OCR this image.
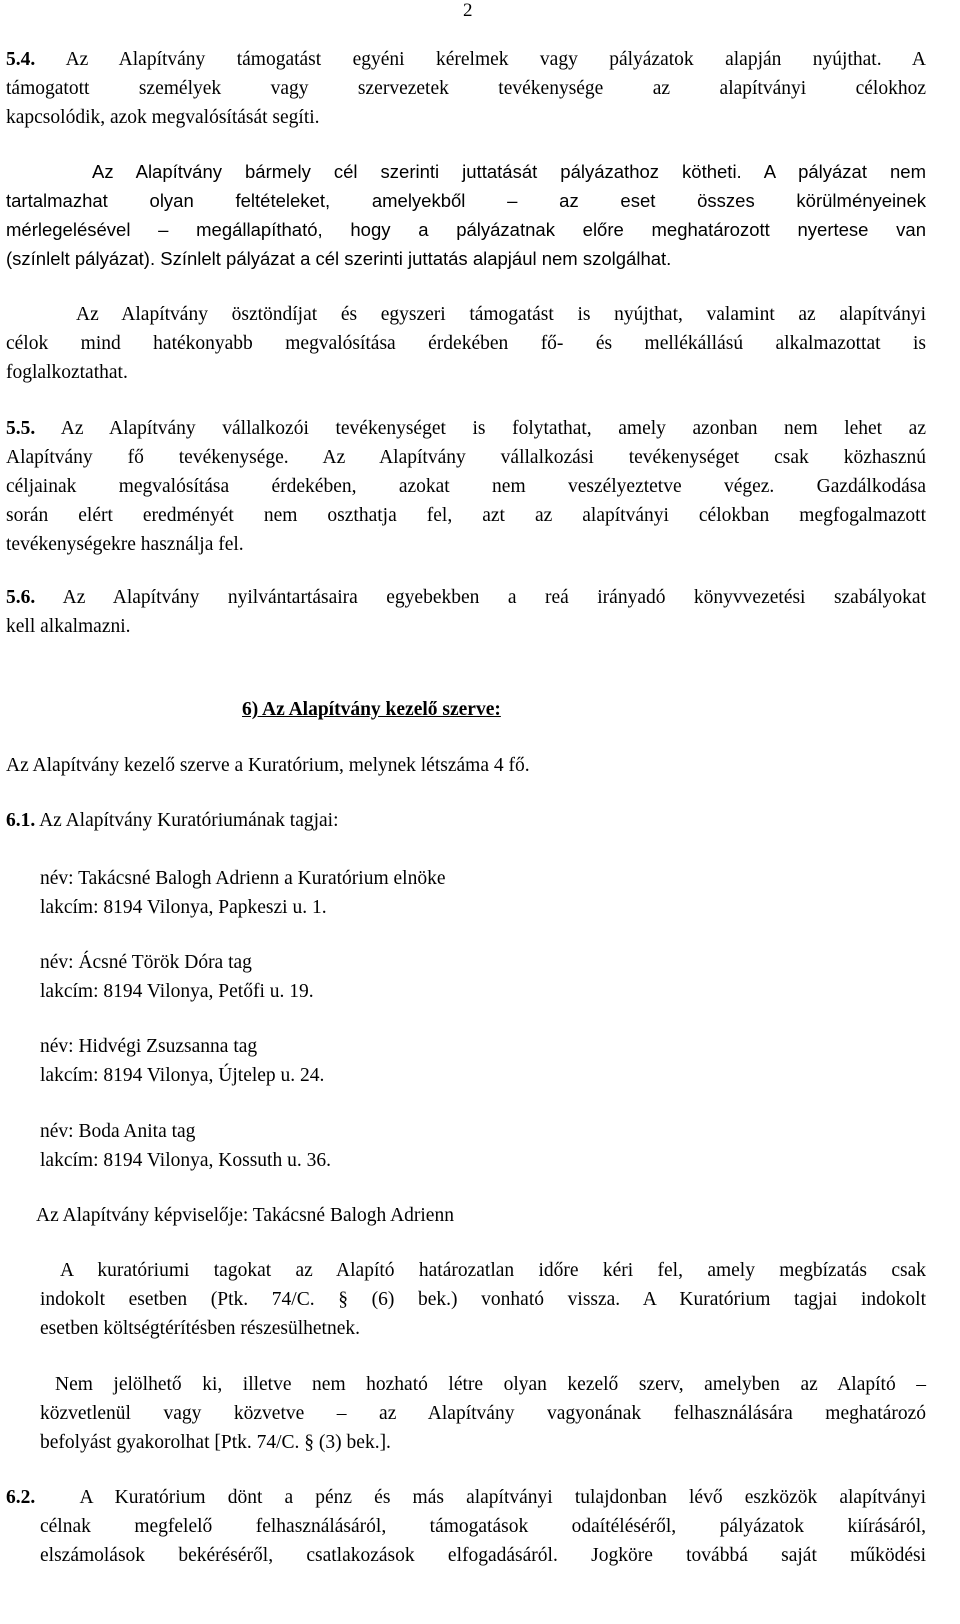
2
5.4. Az Alapítvány támogatást egyéni kérelmek vagy pályázatok alapján nyújthat. A
támogatott személyek vagy szervezetek tevékenysége az alapítványi célokhoz
kapcsolódik, azok megvalósítását segíti.
Az Alapítvány bármely cél szerinti juttatását pályázathoz kötheti. A pályázat nem
tartalmazhat olyan feltételeket, amelyekből – az eset összes körülményeinek
mérlegelésével – megállapítható, hogy a pályázatnak előre meghatározott nyertese van
(színlelt pályázat). Színlelt pályázat a cél szerinti juttatás alapjául nem szolgálhat.
Az Alapítvány ösztöndíjat és egyszeri támogatást is nyújthat, valamint az alapítványi
célok mind hatékonyabb megvalósítása érdekében fő- és mellékállású alkalmazottat is
foglalkoztathat.
5.5. Az Alapítvány vállalkozói tevékenységet is folytathat, amely azonban nem lehet az
Alapítvány fő tevékenysége. Az Alapítvány vállalkozási tevékenységet csak közhasznú
céljainak megvalósítása érdekében, azokat nem veszélyeztetve végez. Gazdálkodása
során elért eredményét nem oszthatja fel, azt az alapítványi célokban megfogalmazott
tevékenységekre használja fel.
5.6. Az Alapítvány nyilvántartásaira egyebekben a reá irányadó könyvvezetési szabályokat
kell alkalmazni.
6) Az Alapítvány kezelő szerve:
Az Alapítvány kezelő szerve a Kuratórium, melynek létszáma 4 fő.
6.1. Az Alapítvány Kuratóriumának tagjai:
név: Takácsné Balogh Adrienn a Kuratórium elnöke
lakcím: 8194 Vilonya, Papkeszi u. 1.
név: Ácsné Török Dóra tag
lakcím: 8194 Vilonya, Petőfi u. 19.
név: Hidvégi Zsuzsanna tag
lakcím: 8194 Vilonya, Újtelep u. 24.
név: Boda Anita tag
lakcím: 8194 Vilonya, Kossuth u. 36.
Az Alapítvány képviselője: Takácsné Balogh Adrienn
A kuratóriumi tagokat az Alapító határozatlan időre kéri fel, amely megbízatás csak
indokolt esetben (Ptk. 74/C. § (6) bek.) vonható vissza. A Kuratórium tagjai indokolt
esetben költségtérítésben részesülhetnek.
Nem jelölhető ki, illetve nem hozható létre olyan kezelő szerv, amelyben az Alapító –
közvetlenül vagy közvetve – az Alapítvány vagyonának felhasználására meghatározó
befolyást gyakorolhat [Ptk. 74/C. § (3) bek.].
6.2. A Kuratórium dönt a pénz és más alapítványi tulajdonban lévő eszközök alapítványi
célnak megfelelő felhasználásáról, támogatások odaítéléséről, pályázatok kiírásáról,
elszámolások bekéréséről, csatlakozások elfogadásáról. Jogköre továbbá saját működési
